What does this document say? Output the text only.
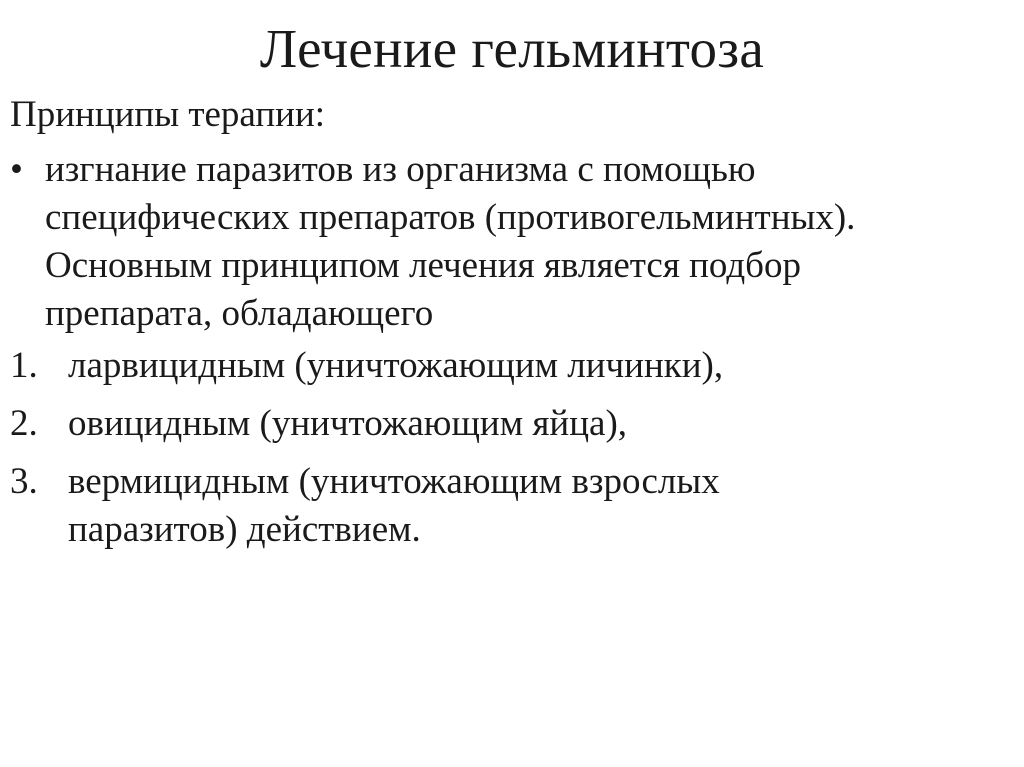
Лечение гельминтоза
Принципы терапии:
• изгнание паразитов из организма с помощью
специфических препаратов (противогельминтных).
Основным принципом лечения является подбор
препарата, обладающего
1. ларвицидным (уничтожающим личинки),
2. овицидным (уничтожающим яйца),
3. вермицидным (уничтожающим взрослых
паразитов) действием.
